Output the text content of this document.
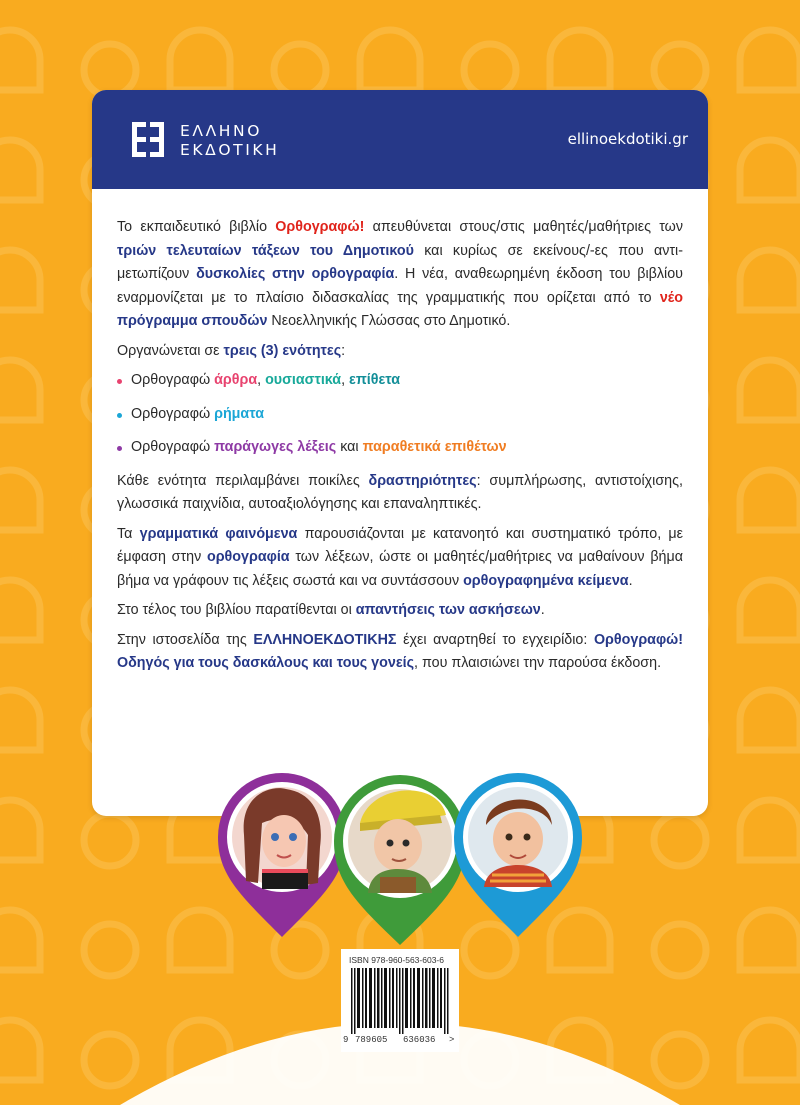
ΕΛΛΗΝΟ
ΕΚΔΟΤΙΚΗ
ellinoekdotiki.gr

Το εκπαιδευτικό βιβλίο Ορθογραφώ! απευθύνεται στους/στις μαθητές/μαθήτριες των τριών τελευταίων τάξεων του Δημοτικού και κυρίως σε εκείνους/-ες που αντιμετωπίζουν δυσκολίες στην ορθογραφία. Η νέα, αναθεωρημένη έκδοση του βιβλίου εναρμονίζεται με το πλαίσιο διδασκαλίας της γραμματικής που ορίζεται από το νέο πρόγραμμα σπουδών Νεοελληνικής Γλώσσας στο Δημοτικό.

Οργανώνεται σε τρεις (3) ενότητες:

Ορθογραφώ άρθρα, ουσιαστικά, επίθετα
Ορθογραφώ ρήματα
Ορθογραφώ παράγωγες λέξεις και παραθετικά επιθέτων

Κάθε ενότητα περιλαμβάνει ποικίλες δραστηριότητες: συμπλήρωσης, αντιστοίχισης, γλωσσικά παιχνίδια, αυτοαξιολόγησης και επαναληπτικές.

Τα γραμματικά φαινόμενα παρουσιάζονται με κατανοητό και συστηματικό τρόπο, με έμφαση στην ορθογραφία των λέξεων, ώστε οι μαθητές/μαθήτριες να μαθαίνουν βήμα βήμα να γράφουν τις λέξεις σωστά και να συντάσσουν ορθογραφημένα κείμενα.

Στο τέλος του βιβλίου παρατίθενται οι απαντήσεις των ασκήσεων.

Στην ιστοσελίδα της ΕΛΛΗΝΟΕΚΔΟΤΙΚΗΣ έχει αναρτηθεί το εγχειρίδιο: Ορθογραφώ! Οδηγός για τους δασκάλους και τους γονείς, που πλαισιώνει την παρούσα έκδοση.

ISBN 978-960-563-603-6
9 789605 636036 >
